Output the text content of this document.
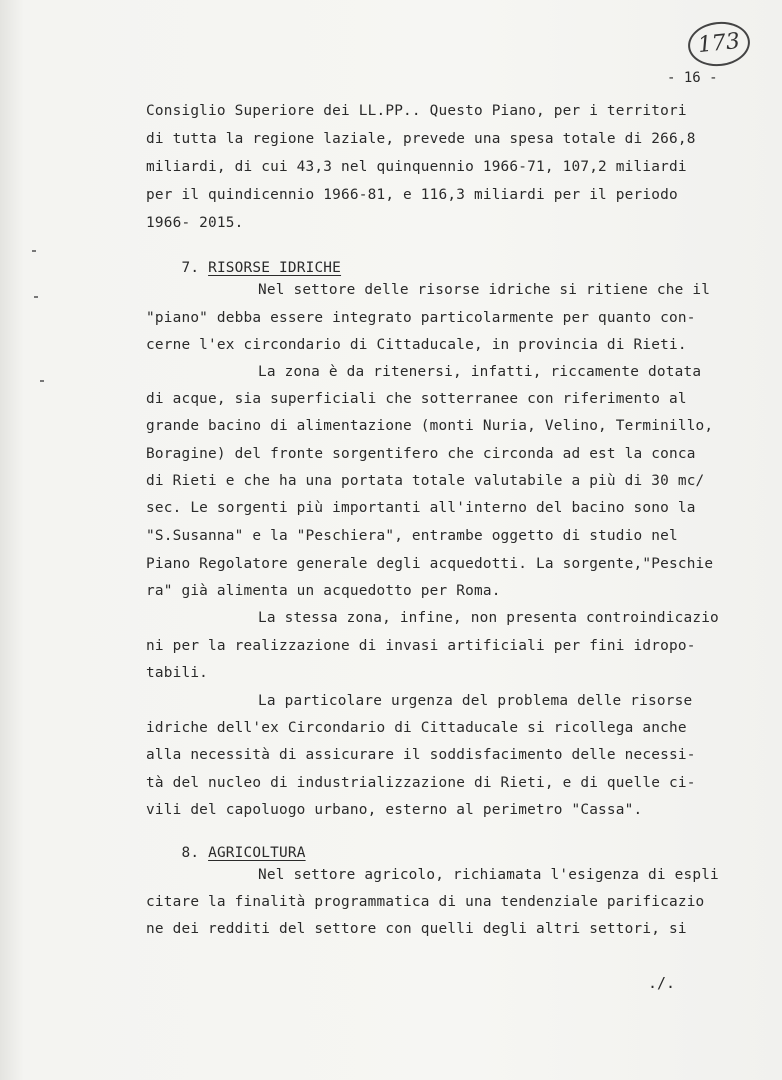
173
- 16 -
Consiglio Superiore dei LL.PP.. Questo Piano, per i territori
di tutta la regione laziale, prevede una spesa totale di 266,8
miliardi, di cui 43,3 nel quinquennio 1966-71, 107,2 miliardi
per il quindicennio 1966-81, e 116,3 miliardi per il periodo
1966- 2015.

7. RISORSE IDRICHE

Nel settore delle risorse idriche si ritiene che il
"piano" debba essere integrato particolarmente per quanto con-
cerne l'ex circondario di Cittaducale, in provincia di Rieti.
La zona è da ritenersi, infatti, riccamente dotata
di acque, sia superficiali che sotterranee con riferimento al
grande bacino di alimentazione (monti Nuria, Velino, Terminillo,
Boragine) del fronte sorgentifero che circonda ad est la conca
di Rieti e che ha una portata totale valutabile a più di 30 mc/
sec. Le sorgenti più importanti all'interno del bacino sono la
"S.Susanna" e la "Peschiera", entrambe oggetto di studio nel
Piano Regolatore generale degli acquedotti. La sorgente,"Peschie
ra" già alimenta un acquedotto per Roma.
La stessa zona, infine, non presenta controindicazio
ni per la realizzazione di invasi artificiali per fini idropo-
tabili.
La particolare urgenza del problema delle risorse
idriche dell'ex Circondario di Cittaducale si ricollega anche
alla necessità di assicurare il soddisfacimento delle necessi-
tà del nucleo di industrializzazione di Rieti, e di quelle ci-
vili del capoluogo urbano, esterno al perimetro "Cassa".

8. AGRICOLTURA

Nel settore agricolo, richiamata l'esigenza di espli
citare la finalità programmatica di una tendenziale parificazio
ne dei redditi del settore con quelli degli altri settori, si
./.
